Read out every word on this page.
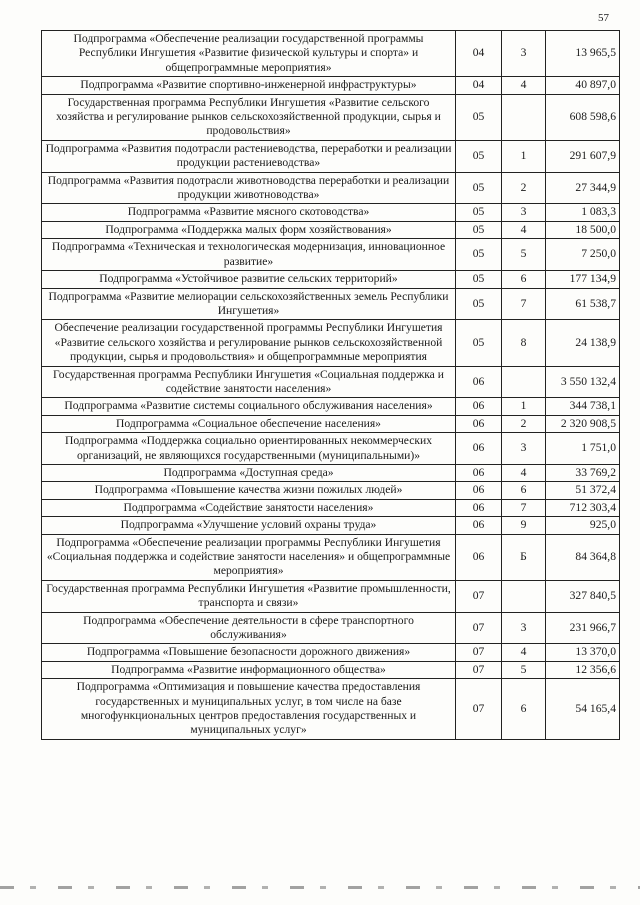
57
Подпрограмма «Обеспечение реализации государственной программы Республики Ингушетия «Развитие физической культуры и спорта» и общепрограммные мероприятия»	04	3	13 965,5
Подпрограмма «Развитие спортивно-инженерной инфраструктуры»	04	4	40 897,0
Государственная программа Республики Ингушетия «Развитие сельского хозяйства и регулирование рынков сельскохозяйственной продукции, сырья и продовольствия»	05		608 598,6
Подпрограмма «Развития подотрасли растениеводства, переработки и реализации продукции растениеводства»	05	1	291 607,9
Подпрограмма «Развития подотрасли животноводства переработки и реализации продукции животноводства»	05	2	27 344,9
Подпрограмма «Развитие мясного скотоводства»	05	3	1 083,3
Подпрограмма «Поддержка малых форм хозяйствования»	05	4	18 500,0
Подпрограмма «Техническая и технологическая модернизация, инновационное развитие»	05	5	7 250,0
Подпрограмма «Устойчивое развитие сельских территорий»	05	6	177 134,9
Подпрограмма «Развитие мелиорации сельскохозяйственных земель Республики Ингушетия»	05	7	61 538,7
Обеспечение реализации государственной программы Республики Ингушетия «Развитие сельского хозяйства и регулирование рынков сельскохозяйственной продукции, сырья и продовольствия» и общепрограммные мероприятия	05	8	24 138,9
Государственная программа Республики Ингушетия «Социальная поддержка и содействие занятости населения»	06		3 550 132,4
Подпрограмма «Развитие системы социального обслуживания населения»	06	1	344 738,1
Подпрограмма «Социальное обеспечение населения»	06	2	2 320 908,5
Подпрограмма «Поддержка социально ориентированных некоммерческих организаций, не являющихся государственными (муниципальными)»	06	3	1 751,0
Подпрограмма «Доступная среда»	06	4	33 769,2
Подпрограмма «Повышение качества жизни пожилых людей»	06	6	51 372,4
Подпрограмма «Содействие занятости населения»	06	7	712 303,4
Подпрограмма «Улучшение условий охраны труда»	06	9	925,0
Подпрограмма «Обеспечение реализации программы Республики Ингушетия «Социальная поддержка и содействие занятости населения» и общепрограммные мероприятия»	06	Б	84 364,8
Государственная программа Республики Ингушетия «Развитие промышленности, транспорта и связи»	07		327 840,5
Подпрограмма «Обеспечение деятельности в сфере транспортного обслуживания»	07	3	231 966,7
Подпрограмма «Повышение безопасности дорожного движения»	07	4	13 370,0
Подпрограмма «Развитие информационного общества»	07	5	12 356,6
Подпрограмма «Оптимизация и повышение качества предоставления государственных и муниципальных услуг, в том числе на базе многофункциональных центров предоставления государственных и муниципальных услуг»	07	6	54 165,4
